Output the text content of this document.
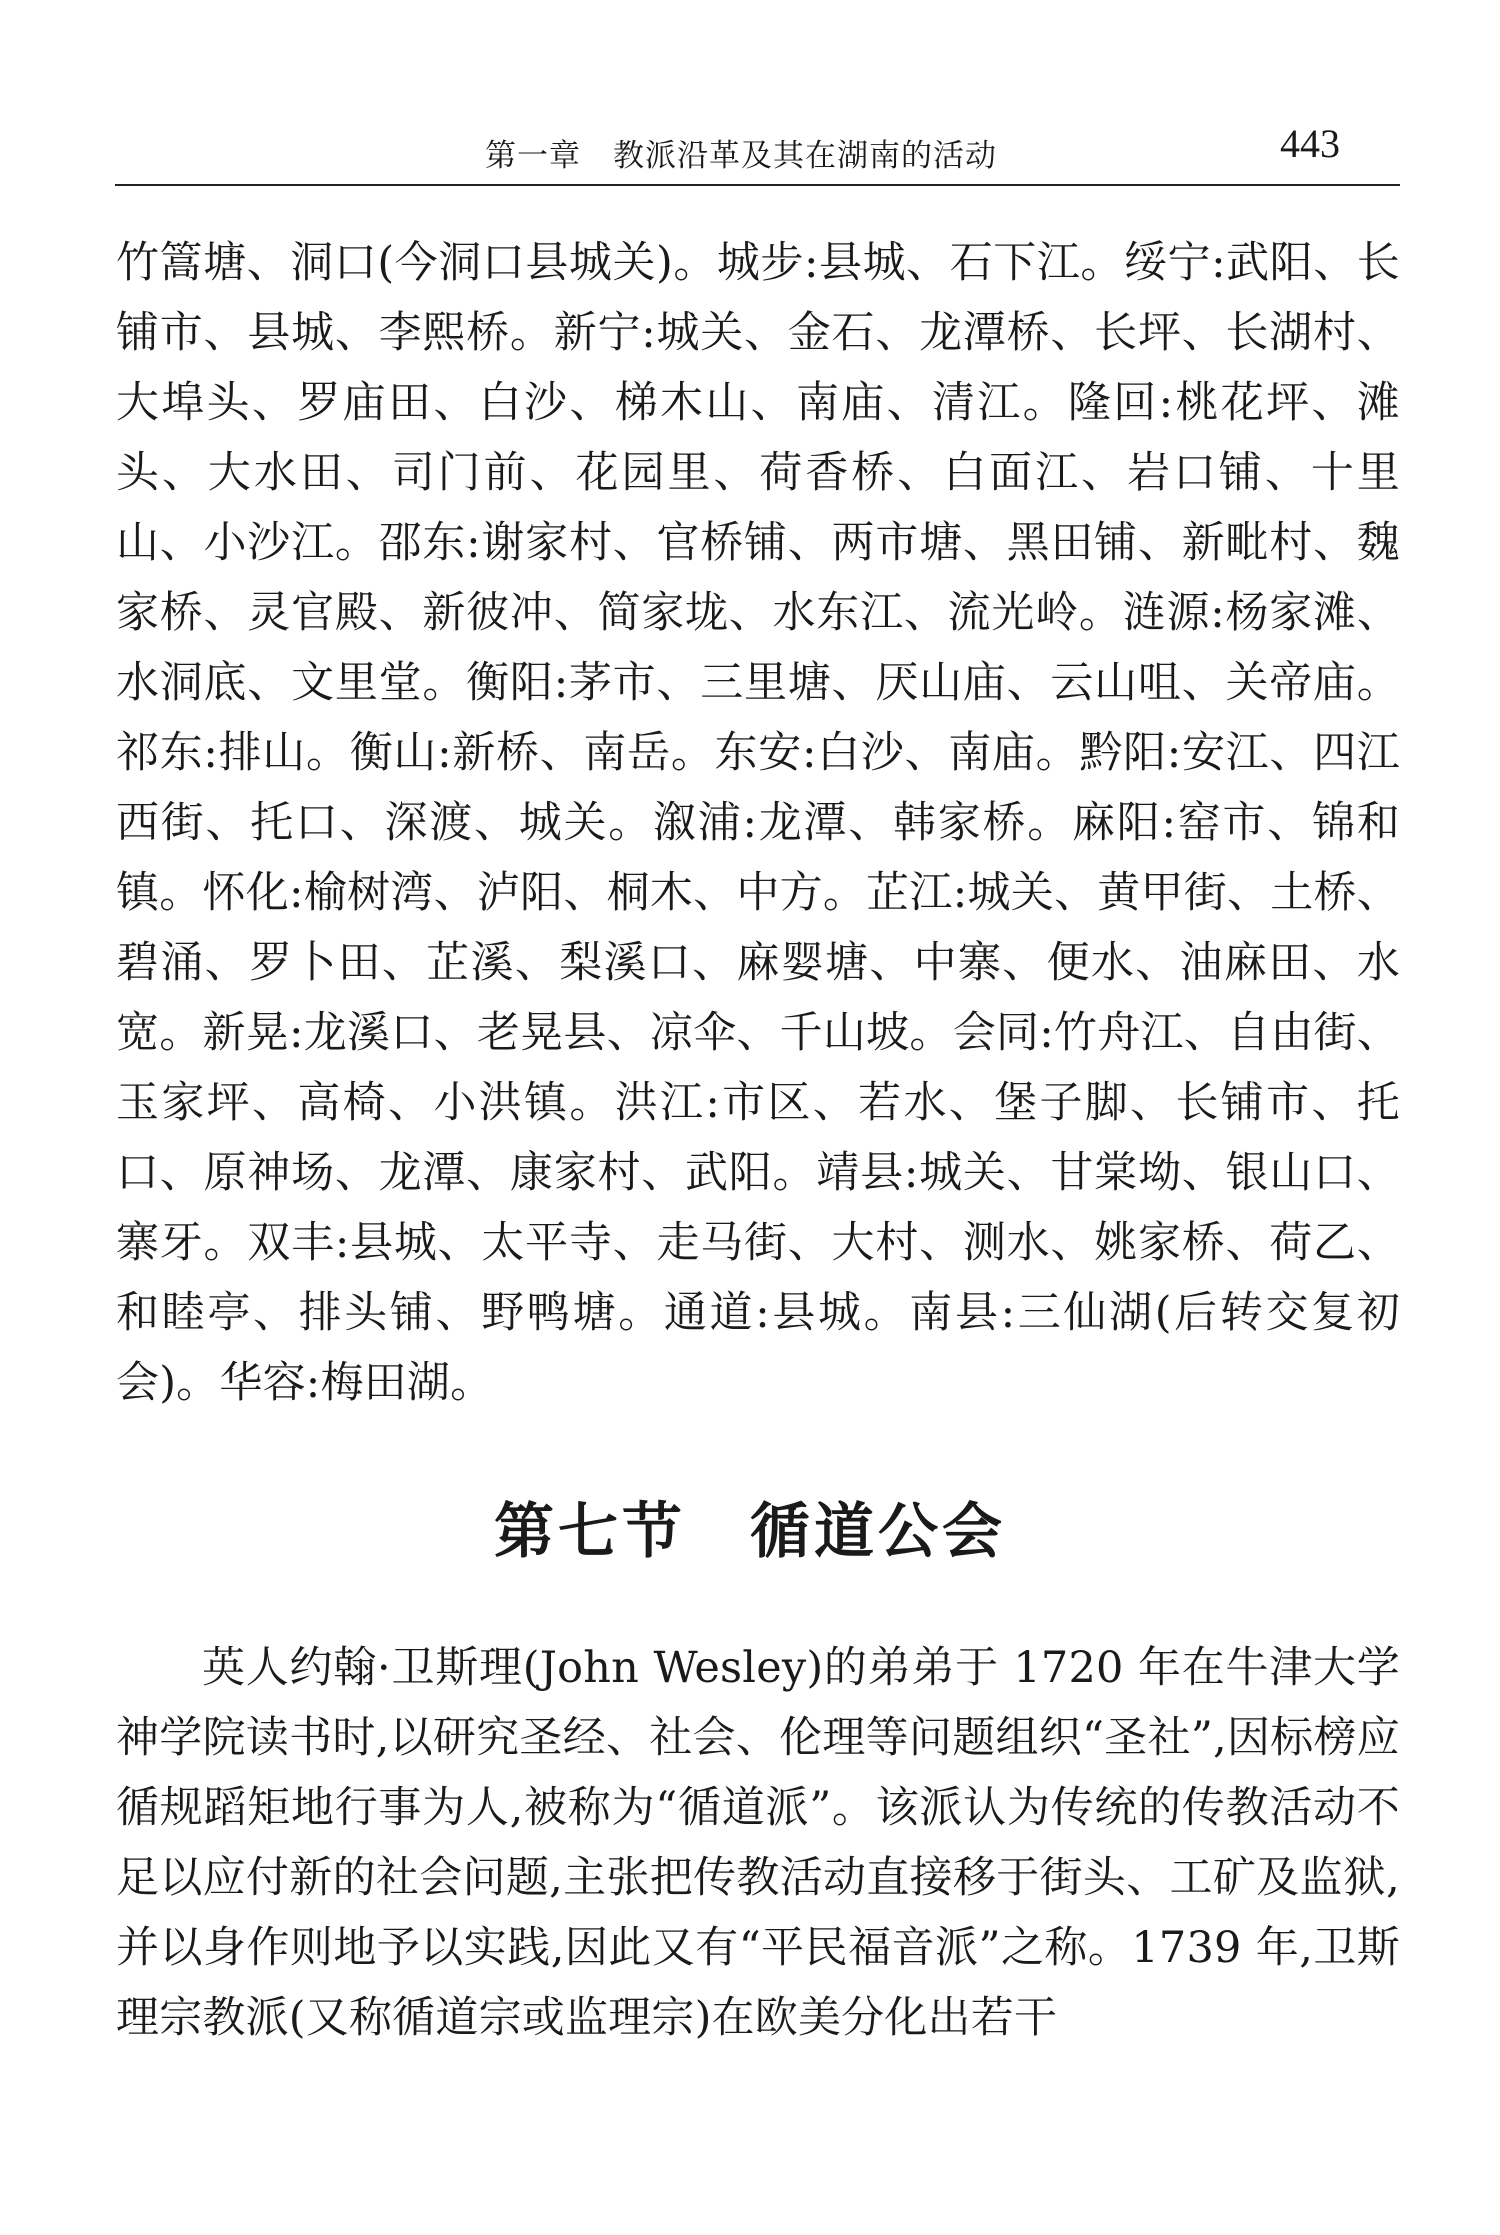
第一章　教派沿革及其在湖南的活动	443

竹篙塘、洞口(今洞口县城关)。城步:县城、石下江。绥宁:武阳、长铺市、县城、李熙桥。新宁:城关、金石、龙潭桥、长坪、长湖村、大埠头、罗庙田、白沙、梯木山、南庙、清江。隆回:桃花坪、滩头、大水田、司门前、花园里、荷香桥、白面江、岩口铺、十里山、小沙江。邵东:谢家村、官桥铺、两市塘、黑田铺、新毗村、魏家桥、灵官殿、新彼冲、简家垅、水东江、流光岭。涟源:杨家滩、水洞底、文里堂。衡阳:茅市、三里塘、厌山庙、云山咀、关帝庙。祁东:排山。衡山:新桥、南岳。东安:白沙、南庙。黔阳:安江、四江西街、托口、深渡、城关。溆浦:龙潭、韩家桥。麻阳:窑市、锦和镇。怀化:榆树湾、泸阳、桐木、中方。芷江:城关、黄甲街、土桥、碧涌、罗卜田、芷溪、梨溪口、麻婴塘、中寨、便水、油麻田、水宽。新晃:龙溪口、老晃县、凉伞、千山坡。会同:竹舟江、自由街、玉家坪、高椅、小洪镇。洪江:市区、若水、堡子脚、长铺市、托口、原神场、龙潭、康家村、武阳。靖县:城关、甘棠坳、银山口、寨牙。双丰:县城、太平寺、走马街、大村、测水、姚家桥、荷乙、和睦亭、排头铺、野鸭塘。通道:县城。南县:三仙湖(后转交复初会)。华容:梅田湖。

第七节　循道公会

英人约翰·卫斯理(John Wesley)的弟弟于 1720 年在牛津大学神学院读书时,以研究圣经、社会、伦理等问题组织“圣社”,因标榜应循规蹈矩地行事为人,被称为“循道派”。该派认为传统的传教活动不足以应付新的社会问题,主张把传教活动直接移于街头、工矿及监狱,并以身作则地予以实践,因此又有“平民福音派”之称。1739 年,卫斯理宗教派(又称循道宗或监理宗)在欧美分化出若干
